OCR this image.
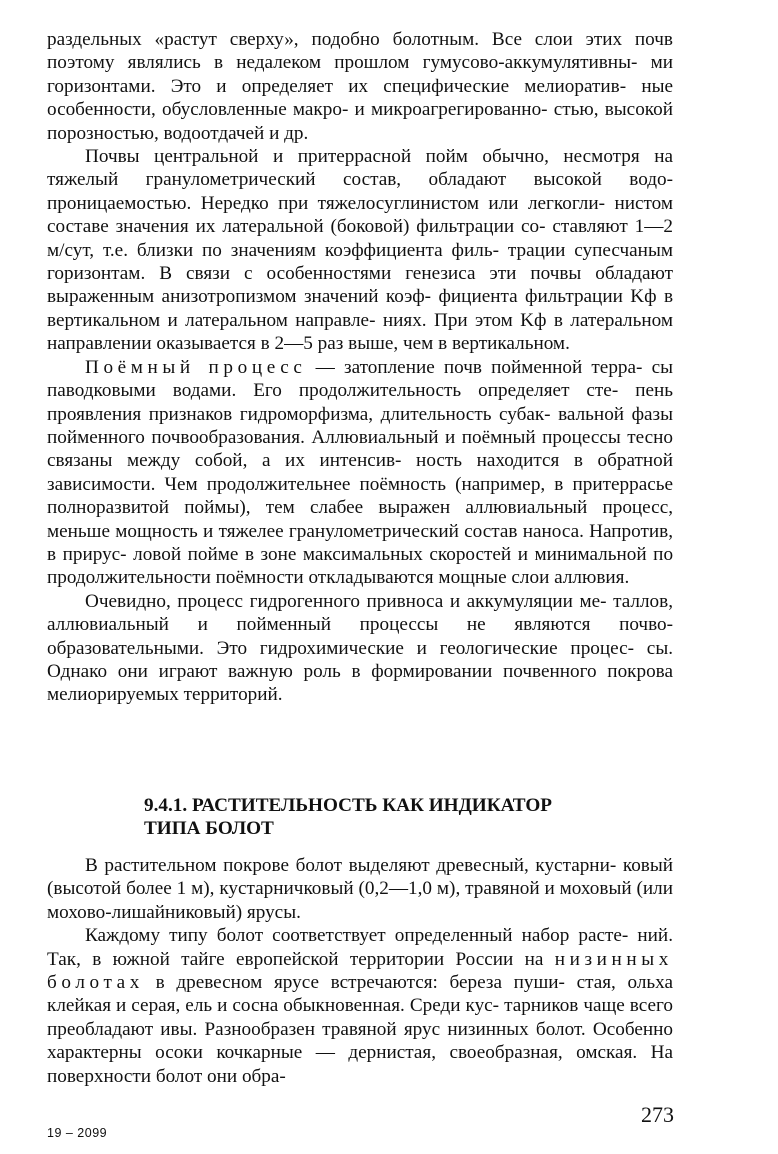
раздельных «растут сверху», подобно болотным. Все слои этих почв поэтому являлись в недалеком прошлом гумусово-аккумулятивны- ми горизонтами. Это и определяет их специфические мелиоратив- ные особенности, обусловленные макро- и микроагрегированно- стью, высокой порозностью, водоотдачей и др.

Почвы центральной и притеррасной пойм обычно, несмотря на тяжелый гранулометрический состав, обладают высокой водо- проницаемостью. Нередко при тяжелосуглинистом или легкогли- нистом составе значения их латеральной (боковой) фильтрации со- ставляют 1—2 м/сут, т.е. близки по значениям коэффициента филь- трации супесчаным горизонтам. В связи с особенностями генезиса эти почвы обладают выраженным анизотропизмом значений коэф- фициента фильтрации Kф в вертикальном и латеральном направле- ниях. При этом Kф в латеральном направлении оказывается в 2—5 раз выше, чем в вертикальном.

Поёмный процесс — затопление почв пойменной терра- сы паводковыми водами. Его продолжительность определяет сте- пень проявления признаков гидроморфизма, длительность субак- вальной фазы пойменного почвообразования. Аллювиальный и поёмный процессы тесно связаны между собой, а их интенсив- ность находится в обратной зависимости. Чем продолжительнее поёмность (например, в притеррасье полноразвитой поймы), тем слабее выражен аллювиальный процесс, меньше мощность и тяжелее гранулометрический состав наноса. Напротив, в прирус- ловой пойме в зоне максимальных скоростей и минимальной по продолжительности поёмности откладываются мощные слои аллювия.

Очевидно, процесс гидрогенного привноса и аккумуляции ме- таллов, аллювиальный и пойменный процессы не являются почво- образовательными. Это гидрохимические и геологические процес- сы. Однако они играют важную роль в формировании почвенного покрова мелиорируемых территорий.

9.4.1. РАСТИТЕЛЬНОСТЬ КАК ИНДИКАТОР
ТИПА БОЛОТ

В растительном покрове болот выделяют древесный, кустарни- ковый (высотой более 1 м), кустарничковый (0,2—1,0 м), травяной и моховый (или мохово-лишайниковый) ярусы.

Каждому типу болот соответствует определенный набор расте- ний. Так, в южной тайге европейской территории России на низинных болотах в древесном ярусе встречаются: береза пуши- стая, ольха клейкая и серая, ель и сосна обыкновенная. Среди кус- тарников чаще всего преобладают ивы. Разнообразен травяной ярус низинных болот. Особенно характерны осоки кочкарные — дернистая, своеобразная, омская. На поверхности болот они обра-

273
19 – 2099
